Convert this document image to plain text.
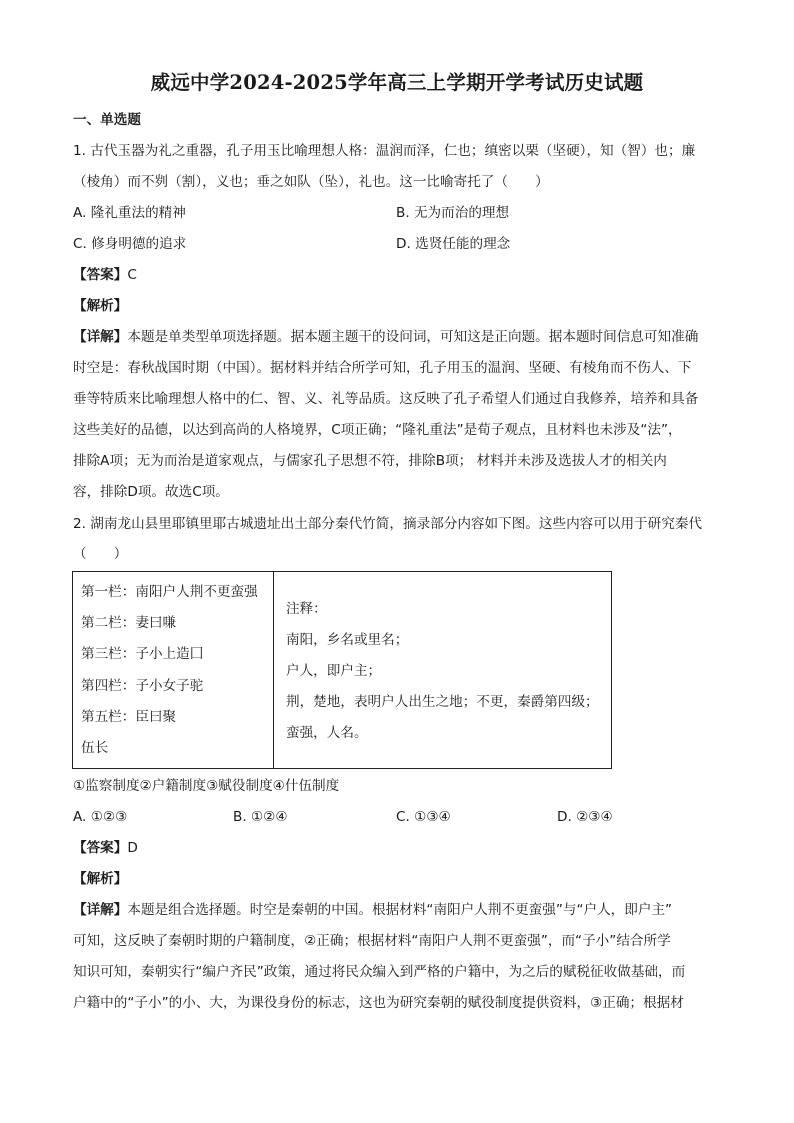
威远中学2024-2025学年高三上学期开学考试历史试题
一、单选题
1. 古代玉器为礼之重器，孔子用玉比喻理想人格：温润而泽，仁也；缜密以栗（坚硬），知（智）也；廉
（棱角）而不刿（割），义也；垂之如队（坠），礼也。这一比喻寄托了（　　）
A. 隆礼重法的精神	B. 无为而治的理想
C. 修身明德的追求	D. 选贤任能的理念
【答案】C
【解析】
【详解】本题是单类型单项选择题。据本题主题干的设问词，可知这是正向题。据本题时间信息可知准确
时空是：春秋战国时期（中国）。据材料并结合所学可知，孔子用玉的温润、坚硬、有棱角而不伤人、下
垂等特质来比喻理想人格中的仁、智、义、礼等品质。这反映了孔子希望人们通过自我修养，培养和具备
这些美好的品德，以达到高尚的人格境界，C项正确；“隆礼重法”是荀子观点，且材料也未涉及“法”，
排除A项；无为而治是道家观点，与儒家孔子思想不符，排除B项； 材料并未涉及选拔人才的相关内
容，排除D项。故选C项。
2. 湖南龙山县里耶镇里耶古城遗址出土部分秦代竹简，摘录部分内容如下图。这些内容可以用于研究秦代
（　　）
第一栏：南阳户人荆不更蛮强
第二栏：妻曰嗛
第三栏：子小上造囗
第四栏：子小女子驼
第五栏：臣曰聚
伍长

注释：
南阳，乡名或里名；
户人，即户主；
荆，楚地，表明户人出生之地；不更，秦爵第四级；
蛮强，人名。
①监察制度②户籍制度③赋役制度④什伍制度
A. ①②③	B. ①②④	C. ①③④	D. ②③④
【答案】D
【解析】
【详解】本题是组合选择题。时空是秦朝的中国。根据材料“南阳户人荆不更蛮强”与“户人，即户主”
可知，这反映了秦朝时期的户籍制度，②正确；根据材料“南阳户人荆不更蛮强”，而“子小”结合所学
知识可知，秦朝实行“编户齐民”政策，通过将民众编入到严格的户籍中，为之后的赋税征收做基础，而
户籍中的“子小”的小、大，为课役身份的标志，这也为研究秦朝的赋役制度提供资料，③正确；根据材
